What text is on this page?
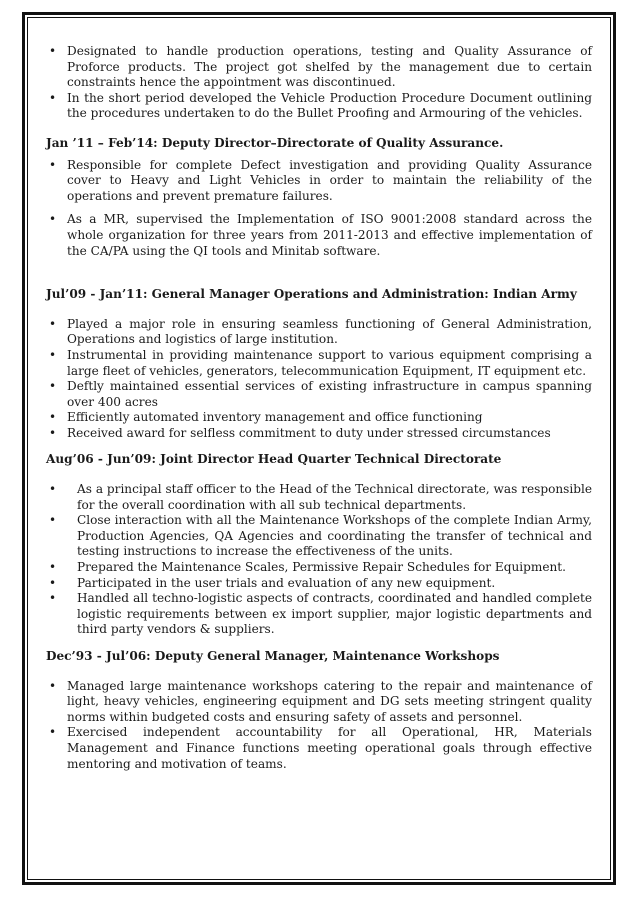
• Designated to handle production operations, testing and Quality Assurance of Proforce products. The project got shelfed by the management due to certain constraints hence the appointment was discontinued.
• In the short period developed the Vehicle Production Procedure Document outlining the procedures undertaken to do the Bullet Proofing and Armouring of the vehicles.
Jan ’11 – Feb’14: Deputy Director–Directorate of Quality Assurance.
• Responsible for complete Defect investigation and providing Quality Assurance cover to Heavy and Light Vehicles in order to maintain the reliability of the operations and prevent premature failures.
• As a MR, supervised the Implementation of ISO 9001:2008 standard across the whole organization for three years from 2011-2013 and effective implementation of the CA/PA using the QI tools and Minitab software.
Jul’09 - Jan’11: General Manager Operations and Administration: Indian Army
• Played a major role in ensuring seamless functioning of General Administration, Operations and logistics of large institution.
• Instrumental in providing maintenance support to various equipment comprising a large fleet of vehicles, generators, telecommunication Equipment, IT equipment etc.
• Deftly maintained essential services of existing infrastructure in campus spanning over 400 acres
• Efficiently automated inventory management and office functioning
• Received award for selfless commitment to duty under stressed circumstances
Aug’06 - Jun’09: Joint Director Head Quarter Technical Directorate
• As a principal staff officer to the Head of the Technical directorate, was responsible for the overall coordination with all sub technical departments.
• Close interaction with all the Maintenance Workshops of the complete Indian Army, Production Agencies, QA Agencies and coordinating the transfer of technical and testing instructions to increase the effectiveness of the units.
• Prepared the Maintenance Scales, Permissive Repair Schedules for Equipment.
• Participated in the user trials and evaluation of any new equipment.
• Handled all techno-logistic aspects of contracts, coordinated and handled complete logistic requirements between ex import supplier, major logistic departments and third party vendors & suppliers.
Dec’93 - Jul’06: Deputy General Manager, Maintenance Workshops
• Managed large maintenance workshops catering to the repair and maintenance of light, heavy vehicles, engineering equipment and DG sets meeting stringent quality norms within budgeted costs and ensuring safety of assets and personnel.
• Exercised independent accountability for all Operational, HR, Materials Management and Finance functions meeting operational goals through effective mentoring and motivation of teams.
